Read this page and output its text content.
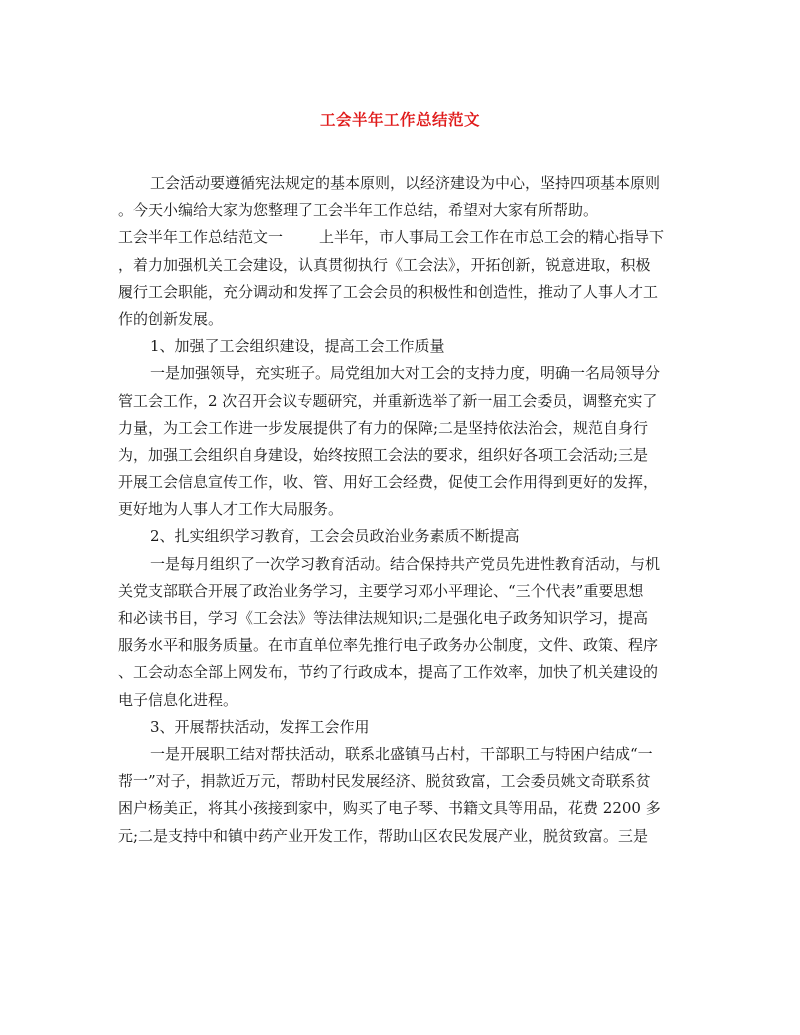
工会半年工作总结范文
工会活动要遵循宪法规定的基本原则，以经济建设为中心，坚持四项基本原则
。今天小编给大家为您整理了工会半年工作总结，希望对大家有所帮助。
工会半年工作总结范文一 上半年，市人事局工会工作在市总工会的精心指导下
，着力加强机关工会建设，认真贯彻执行《工会法》，开拓创新，锐意进取，积极
履行工会职能，充分调动和发挥了工会会员的积极性和创造性，推动了人事人才工
作的创新发展。
1、加强了工会组织建设，提高工会工作质量
一是加强领导，充实班子。局党组加大对工会的支持力度，明确一名局领导分
管工会工作，2 次召开会议专题研究，并重新选举了新一届工会委员，调整充实了
力量，为工会工作进一步发展提供了有力的保障;二是坚持依法治会，规范自身行
为，加强工会组织自身建设，始终按照工会法的要求，组织好各项工会活动;三是
开展工会信息宣传工作，收、管、用好工会经费，促使工会作用得到更好的发挥，
更好地为人事人才工作大局服务。
2、扎实组织学习教育，工会会员政治业务素质不断提高
一是每月组织了一次学习教育活动。结合保持共产党员先进性教育活动，与机
关党支部联合开展了政治业务学习，主要学习邓小平理论、“三个代表”重要思想
和必读书目，学习《工会法》等法律法规知识;二是强化电子政务知识学习，提高
服务水平和服务质量。在市直单位率先推行电子政务办公制度，文件、政策、程序
、工会动态全部上网发布，节约了行政成本，提高了工作效率，加快了机关建设的
电子信息化进程。
3、开展帮扶活动，发挥工会作用
一是开展职工结对帮扶活动，联系北盛镇马占村，干部职工与特困户结成“一
帮一”对子，捐款近万元，帮助村民发展经济、脱贫致富，工会委员姚文奇联系贫
困户杨美正，将其小孩接到家中，购买了电子琴、书籍文具等用品，花费 2200 多
元;二是支持中和镇中药产业开发工作，帮助山区农民发展产业，脱贫致富。三是
